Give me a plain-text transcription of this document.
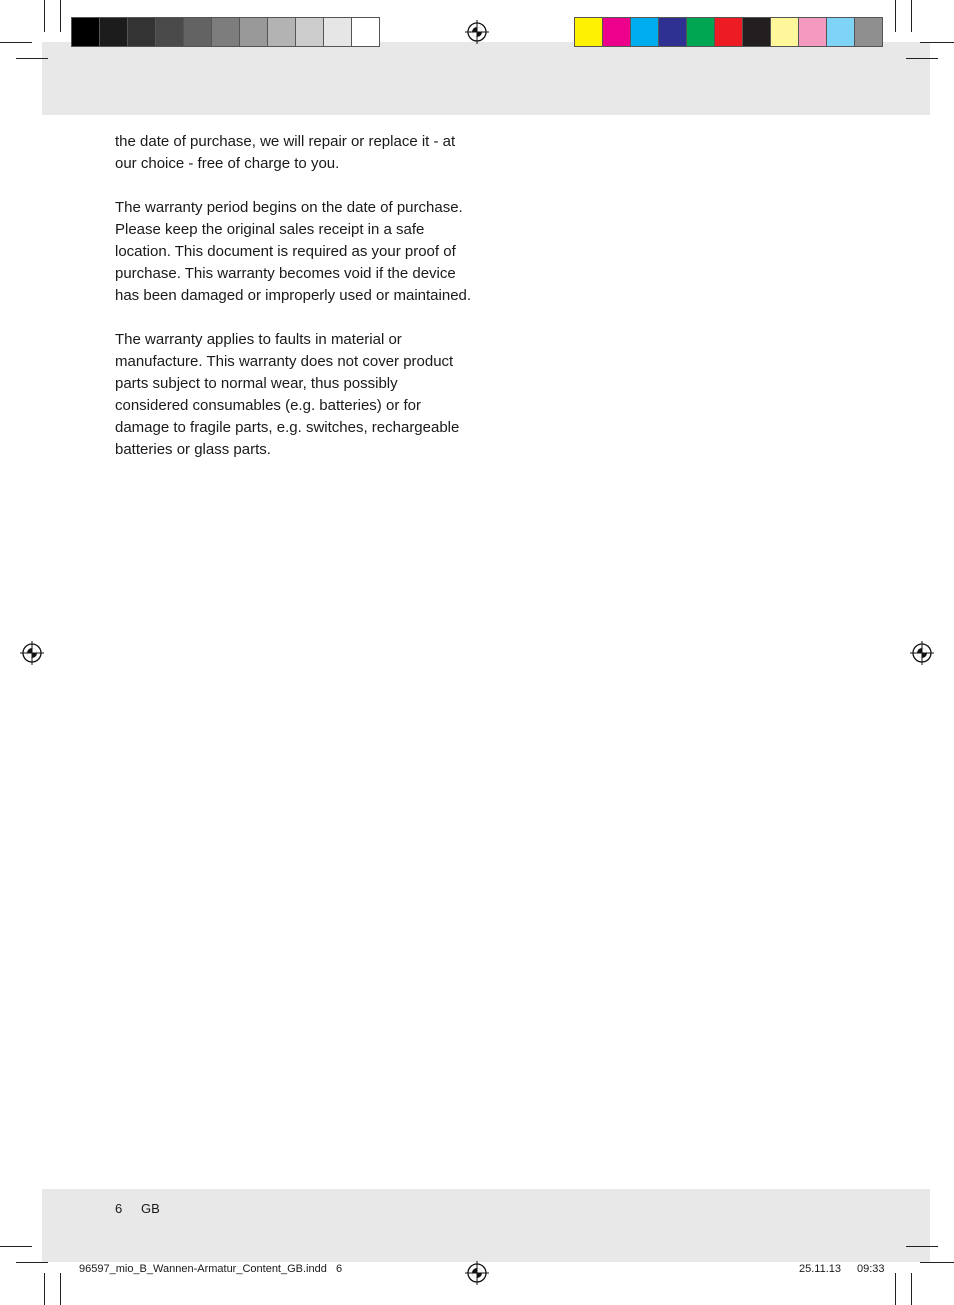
the date of purchase, we will repair or replace it - at our choice - free of charge to you.

The warranty period begins on the date of purchase. Please keep the original sales receipt in a safe location. This document is required as your proof of purchase. This warranty becomes void if the device has been damaged or improperly used or maintained.

The warranty applies to faults in material or manufacture. This warranty does not cover product parts subject to normal wear, thus possibly considered consumables (e.g. batteries) or for damage to fragile parts, e.g. switches, rechargeable batteries or glass parts.

6 GB
96597_mio_B_Wannen-Armatur_Content_GB.indd   6	25.11.13 09:33
